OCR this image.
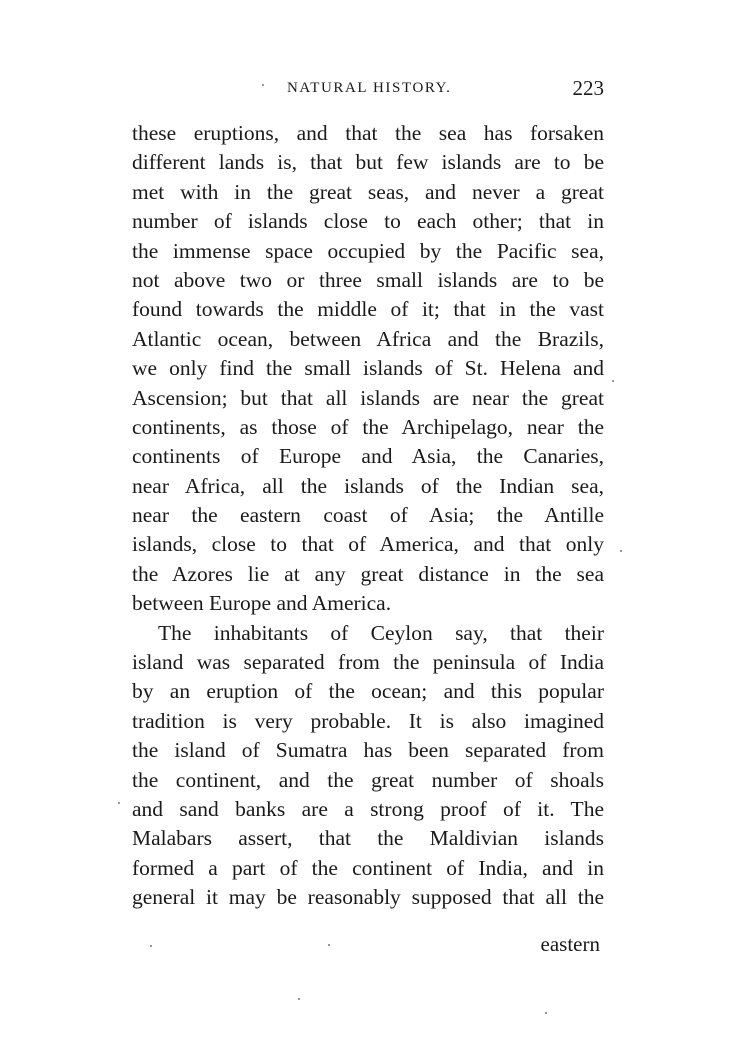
NATURAL HISTORY.	223
these eruptions, and that the sea has forsaken
different lands is, that but few islands are to be
met with in the great seas, and never a great
number of islands close to each other; that in
the immense space occupied by the Pacific sea,
not above two or three small islands are to be
found towards the middle of it; that in the vast
Atlantic ocean, between Africa and the Brazils,
we only find the small islands of St. Helena and
Ascension; but that all islands are near the great
continents, as those of the Archipelago, near the
continents of Europe and Asia, the Canaries,
near Africa, all the islands of the Indian sea,
near the eastern coast of Asia; the Antille
islands, close to that of America, and that only
the Azores lie at any great distance in the sea
between Europe and America.
The inhabitants of Ceylon say, that their
island was separated from the peninsula of India
by an eruption of the ocean; and this popular
tradition is very probable. It is also imagined
the island of Sumatra has been separated from
the continent, and the great number of shoals
and sand banks are a strong proof of it. The
Malabars assert, that the Maldivian islands
formed a part of the continent of India, and in
general it may be reasonably supposed that all the
eastern
